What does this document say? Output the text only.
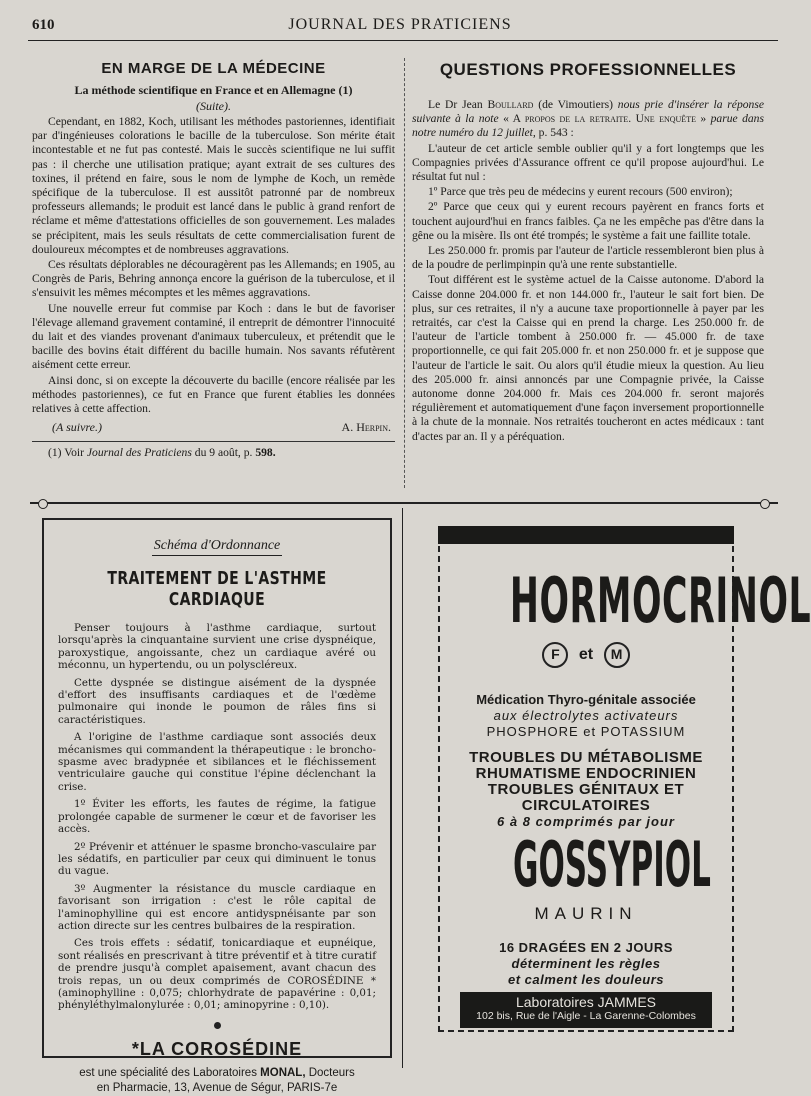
610	JOURNAL DES PRATICIENS
EN MARGE DE LA MÉDECINE
La méthode scientifique en France et en Allemagne (1)
(Suite).

Cependant, en 1882, Koch, utilisant les méthodes pastoriennes, identifiait par d'ingénieuses colorations le bacille de la tuberculose. Son mérite était incontestable et ne fut pas contesté. Mais le succès scientifique ne lui suffit pas : il cherche une utilisation pratique; ayant extrait de ses cultures des toxines, il prétend en faire, sous le nom de lymphe de Koch, un remède spécifique de la tuberculose. Il est aussitôt patronné par de nombreux professeurs allemands; le produit est lancé dans le public à grand renfort de réclame et même d'attestations officielles de son gouvernement. Les malades se précipitent, mais les seuls résultats de cette commercialisation furent de douloureux mécomptes et de nombreuses aggravations.

Ces résultats déplorables ne découragèrent pas les Allemands; en 1905, au Congrès de Paris, Behring annonça encore la guérison de la tuberculose, et il s'ensuivit les mêmes mécomptes et les mêmes aggravations.

Une nouvelle erreur fut commise par Koch : dans le but de favoriser l'élevage allemand gravement contaminé, il entreprit de démontrer l'innocuité du lait et des viandes provenant d'animaux tuberculeux, et prétendit que le bacille des bovins était différent du bacille humain. Nos savants réfutèrent aisément cette erreur.

Ainsi donc, si on excepte la découverte du bacille (encore réalisée par les méthodes pastoriennes), ce fut en France que furent établies les données relatives à cette affection.

(A suivre.)	A. Herpin.
(1) Voir Journal des Praticiens du 9 août, p. 598.
QUESTIONS PROFESSIONNELLES

Le Dr Jean Boullard (de Vimoutiers) nous prie d'insérer la réponse suivante à la note « A propos de la retraite. Une enquête » parue dans notre numéro du 12 juillet, p. 543 :

L'auteur de cet article semble oublier qu'il y a fort longtemps que les Compagnies privées d'Assurance offrent ce qu'il propose aujourd'hui. Le résultat fut nul :

1º Parce que très peu de médecins y eurent recours (500 environ);

2º Parce que ceux qui y eurent recours payèrent en francs forts et touchent aujourd'hui en francs faibles. Ça ne les empêche pas d'être dans la gêne ou la misère. Ils ont été trompés; le système a fait une faillite totale.

Les 250.000 fr. promis par l'auteur de l'article ressembleront bien plus à de la poudre de perlimpinpin qu'à une rente substantielle.

Tout différent est le système actuel de la Caisse autonome. D'abord la Caisse donne 204.000 fr. et non 144.000 fr., l'auteur le sait fort bien. De plus, sur ces retraites, il n'y a aucune taxe proportionnelle à payer par les retraités, car c'est la Caisse qui en prend la charge. Les 250.000 fr. de l'auteur de l'article tombent à 250.000 fr. — 45.000 fr. de taxe proportionnelle, ce qui fait 205.000 fr. et non 250.000 fr. et je suppose que l'auteur de l'article le sait. Ou alors qu'il étudie mieux la question. Au lieu des 205.000 fr. ainsi annoncés par une Compagnie privée, la Caisse autonome donne 204.000 fr. Mais ces 204.000 fr. seront majorés régulièrement et automatiquement d'une façon inversement proportionnelle à la chute de la monnaie. Nos retraités toucheront en actes médicaux : tant d'actes par an. Il y a péréquation.

Schéma d'Ordonnance
TRAITEMENT DE L'ASTHME CARDIAQUE

Penser toujours à l'asthme cardiaque, surtout lorsqu'après la cinquantaine survient une crise dyspnéique, paroxystique, angoissante, chez un cardiaque avéré ou méconnu, un hypertendu, ou un polyscléreux.

Cette dyspnée se distingue aisément de la dyspnée d'effort des insuffisants cardiaques et de l'œdème pulmonaire qui inonde le poumon de râles fins si caractéristiques.

A l'origine de l'asthme cardiaque sont associés deux mécanismes qui commandent la thérapeutique : le broncho-spasme avec bradypnée et sibilances et le fléchissement ventriculaire gauche qui constitue l'épine déclenchant la crise.

1º Éviter les efforts, les fautes de régime, la fatigue prolongée capable de surmener le cœur et de favoriser les accès.

2º Prévenir et atténuer le spasme broncho-vasculaire par les sédatifs, en particulier par ceux qui diminuent le tonus du vague.

3º Augmenter la résistance du muscle cardiaque en favorisant son irrigation : c'est le rôle capital de l'aminophylline qui est encore antidyspnéisante par son action directe sur les centres bulbaires de la respiration.

Ces trois effets : sédatif, tonicardiaque et eupnéique, sont réalisés en prescrivant à titre préventif et à titre curatif de prendre jusqu'à complet apaisement, avant chacun des trois repas, un ou deux comprimés de COROSÉDINE * (aminophylline : 0,075; chlorhydrate de papavérine : 0,01; phényléthylmalonylurée : 0,01; aminopyrine : 0,10).

*LA COROSÉDINE
est une spécialité des Laboratoires MONAL, Docteurs
en Pharmacie, 13, Avenue de Ségur, PARIS-7e
HORMOCRINOL
F et M
Médication Thyro-génitale associée
aux électrolytes activateurs
PHOSPHORE et POTASSIUM
TROUBLES DU MÉTABOLISME
RHUMATISME ENDOCRINIEN
TROUBLES GÉNITAUX ET
CIRCULATOIRES
6 à 8 comprimés par jour
GOSSYPIOL
MAURIN
16 DRAGÉES EN 2 JOURS
déterminent les règles
et calment les douleurs
Laboratoires JAMMES
102 bis, Rue de l'Aigle - La Garenne-Colombes
